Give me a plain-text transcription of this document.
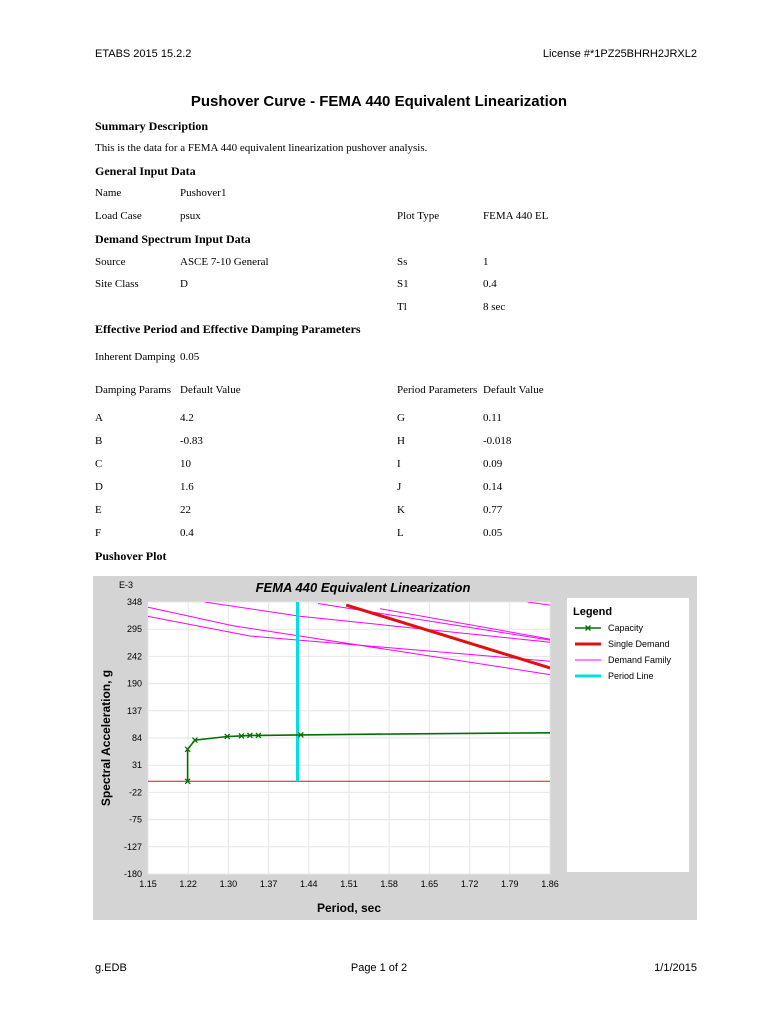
ETABS 2015 15.2.2	License #*1PZ25BHRH2JRXL2
Pushover Curve - FEMA 440 Equivalent Linearization
Summary Description
This is the data for a FEMA 440 equivalent linearization pushover analysis.
General Input Data
Name	Pushover1
Load Case	psux	Plot Type	FEMA 440 EL
Demand Spectrum Input Data
Source	ASCE 7-10 General	Ss	1
Site Class	D	S1	0.4
Tl	8 sec
Effective Period and Effective Damping Parameters
Inherent Damping 0.05
Damping Params Default Value	Period Parameters Default Value
A	4.2	G	0.11
B	-0.83	H	-0.018
C	10	I	0.09
D	1.6	J	0.14
E	22	K	0.77
F	0.4	L	0.05
Pushover Plot
FEMA 440 Equivalent Linearization
1.15	1.22	1.30	1.37	1.44	1.51	1.58	1.65	1.72	1.79	1.86
348
295
242
190
137
84
31
-22
-75
-127
-180
E-3
Period, sec
Spectral Acceleration, g
Legend
Capacity
Single Demand
Demand Family
Period Line
g.EDB	Page 1 of 2	1/1/2015
